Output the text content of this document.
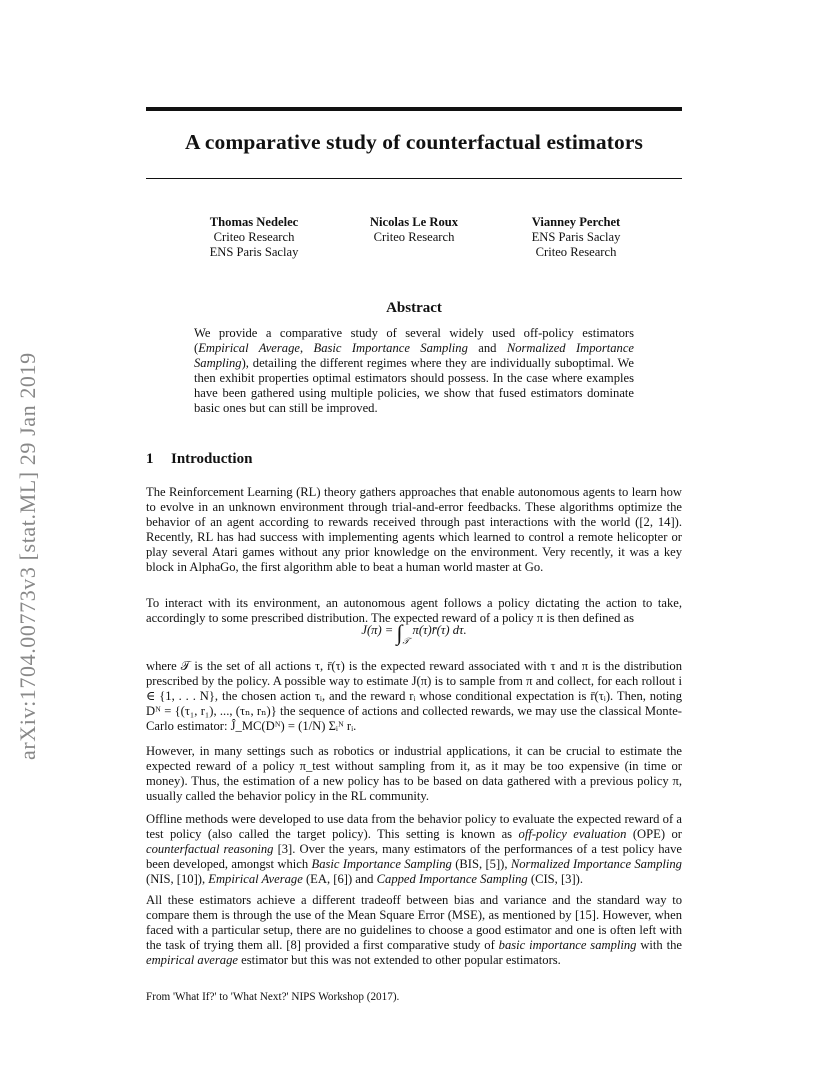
arXiv:1704.00773v3 [stat.ML] 29 Jan 2019
A comparative study of counterfactual estimators
Thomas Nedelec
Criteo Research
ENS Paris Saclay
Nicolas Le Roux
Criteo Research
Vianney Perchet
ENS Paris Saclay
Criteo Research
Abstract
We provide a comparative study of several widely used off-policy estimators (Empirical Average, Basic Importance Sampling and Normalized Importance Sampling), detailing the different regimes where they are individually suboptimal. We then exhibit properties optimal estimators should possess. In the case where examples have been gathered using multiple policies, we show that fused estimators dominate basic ones but can still be improved.
1 Introduction

The Reinforcement Learning (RL) theory gathers approaches that enable autonomous agents to learn how to evolve in an unknown environment through trial-and-error feedbacks. These algorithms optimize the behavior of an agent according to rewards received through past interactions with the world ([2, 14]). Recently, RL has had success with implementing agents which learned to control a remote helicopter or play several Atari games without any prior knowledge on the environment. Very recently, it was a key block in AlphaGo, the first algorithm able to beat a human world master at Go.

To interact with its environment, an autonomous agent follows a policy dictating the action to take, accordingly to some prescribed distribution. The expected reward of a policy π is then defined as

$J(\pi) = \int_𝒯$ π(τ)r̄(τ) dτ.

where 𝒯 is the set of all actions τ, r̄(τ) is the expected reward associated with τ and π is the distribution prescribed by the policy. A possible way to estimate J(π) is to sample from π and collect, for each rollout i ∈ {1, . . . N}, the chosen action τᵢ, and the reward rᵢ whose conditional expectation is r̄(τᵢ). Then, noting Dᴺ = {(τ₁, r₁), ..., (τₙ, rₙ)} the sequence of actions and collected rewards, we may use the classical Monte-Carlo estimator: Ĵ_MC(Dᴺ) = (1/N) Σᵢᴺ rᵢ.

However, in many settings such as robotics or industrial applications, it can be crucial to estimate the expected reward of a policy π_test without sampling from it, as it may be too expensive (in time or money). Thus, the estimation of a new policy has to be based on data gathered with a previous policy π, usually called the behavior policy in the RL community.

Offline methods were developed to use data from the behavior policy to evaluate the expected reward of a test policy (also called the target policy). This setting is known as off-policy evaluation (OPE) or counterfactual reasoning [3]. Over the years, many estimators of the performances of a test policy have been developed, amongst which Basic Importance Sampling (BIS, [5]), Normalized Importance Sampling (NIS, [10]), Empirical Average (EA, [6]) and Capped Importance Sampling (CIS, [3]).

All these estimators achieve a different tradeoff between bias and variance and the standard way to compare them is through the use of the Mean Square Error (MSE), as mentioned by [15]. However, when faced with a particular setup, there are no guidelines to choose a good estimator and one is often left with the task of trying them all. [8] provided a first comparative study of basic importance sampling with the empirical average estimator but this was not extended to other popular estimators.

From 'What If?' to 'What Next?' NIPS Workshop (2017).
